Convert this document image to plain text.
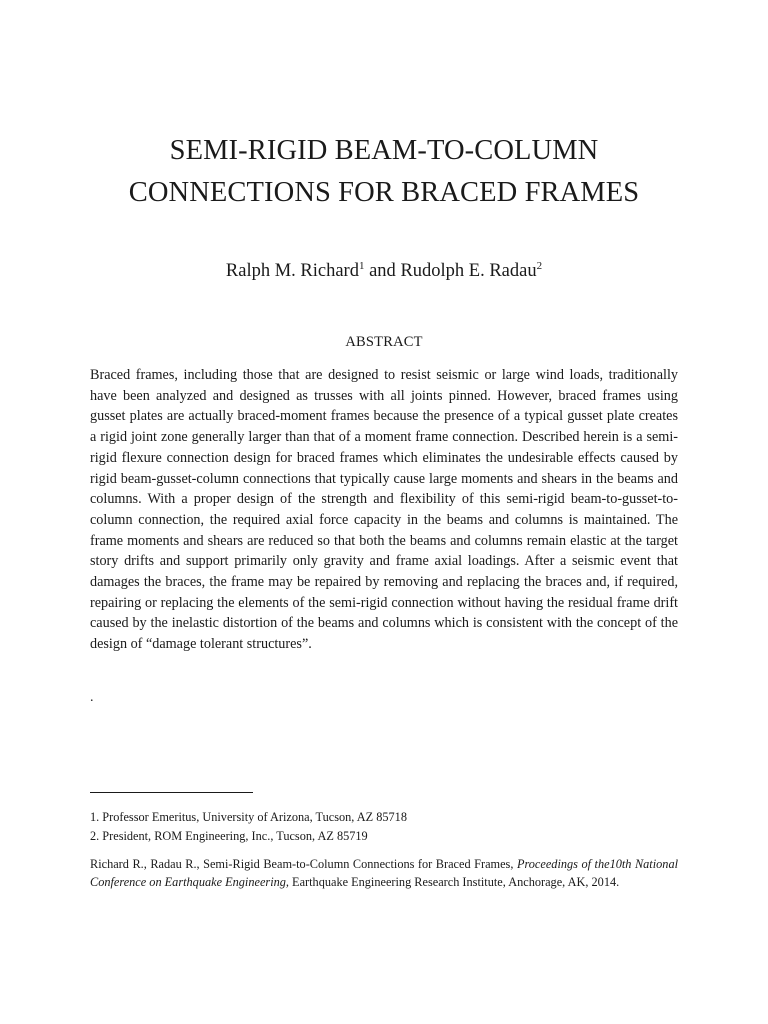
SEMI-RIGID BEAM-TO-COLUMN
CONNECTIONS FOR BRACED FRAMES
Ralph M. Richard$^1$ and Rudolph E. Radau$^2$
ABSTRACT
Braced frames, including those that are designed to resist seismic or large wind loads, traditionally have been analyzed and designed as trusses with all joints pinned. However, braced frames using gusset plates are actually braced-moment frames because the presence of a typical gusset plate creates a rigid joint zone generally larger than that of a moment frame connection. Described herein is a semi-rigid flexure connection design for braced frames which eliminates the undesirable effects caused by rigid beam-gusset-column connections that typically cause large moments and shears in the beams and columns. With a proper design of the strength and flexibility of this semi-rigid beam-to-gusset-to-column connection, the required axial force capacity in the beams and columns is maintained. The frame moments and shears are reduced so that both the beams and columns remain elastic at the target story drifts and support primarily only gravity and frame axial loadings. After a seismic event that damages the braces, the frame may be repaired by removing and replacing the braces and, if required, repairing or replacing the elements of the semi-rigid connection without having the residual frame drift caused by the inelastic distortion of the beams and columns which is consistent with the concept of the design of “damage tolerant structures”.
.
1. Professor Emeritus, University of Arizona, Tucson, AZ 85718
2. President, ROM Engineering, Inc., Tucson, AZ 85719
Richard R., Radau R., Semi-Rigid Beam-to-Column Connections for Braced Frames, Proceedings of the10th National Conference on Earthquake Engineering, Earthquake Engineering Research Institute, Anchorage, AK, 2014.
